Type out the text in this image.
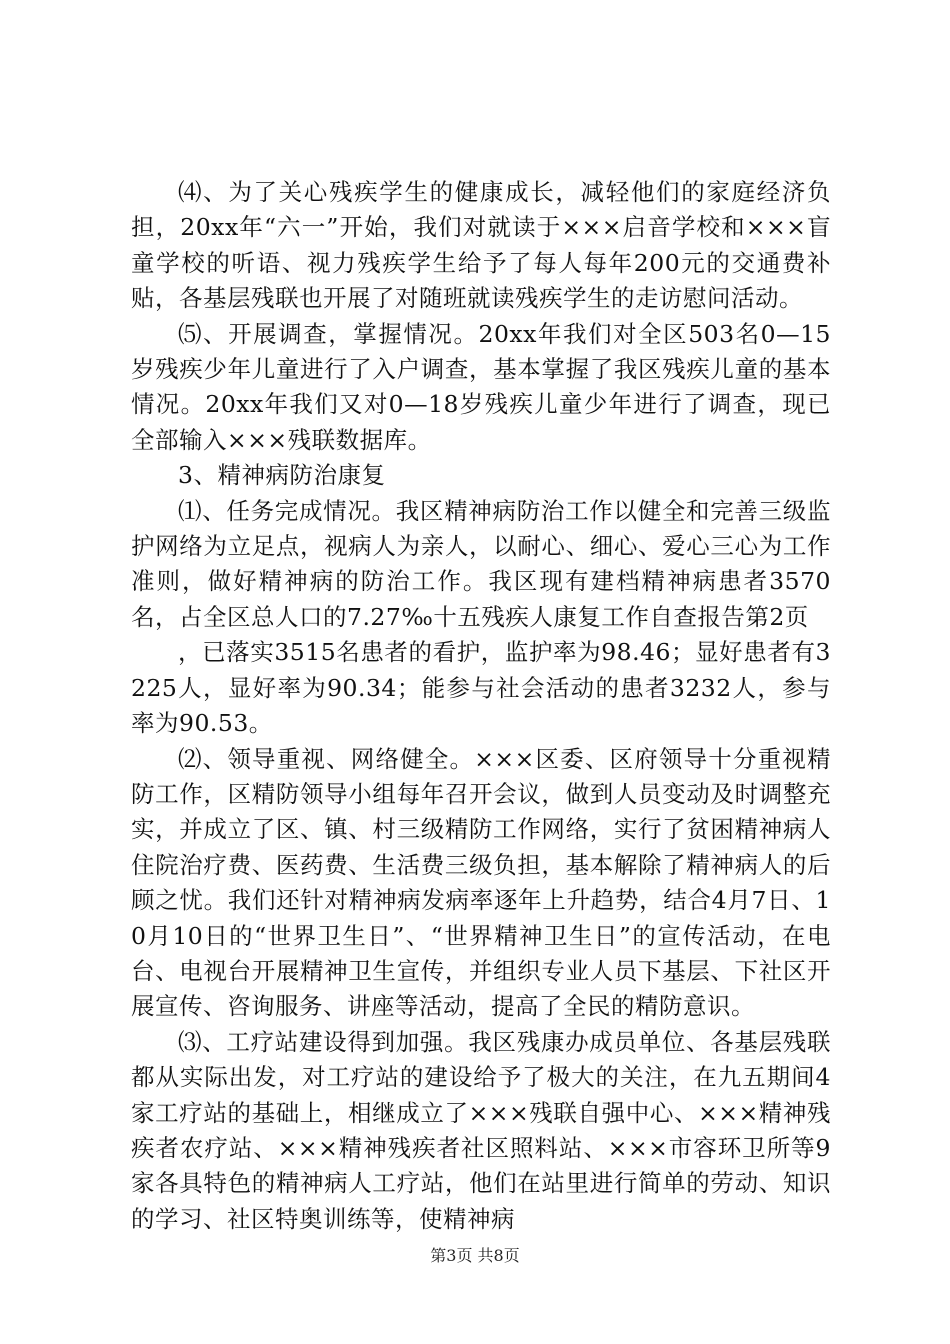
⑷、为了关心残疾学生的健康成长，减轻他们的家庭经济负担，20xx年“六一”开始，我们对就读于×××启音学校和×××盲童学校的听语、视力残疾学生给予了每人每年200元的交通费补贴，各基层残联也开展了对随班就读残疾学生的走访慰问活动。

⑸、开展调查，掌握情况。20xx年我们对全区503名0—15岁残疾少年儿童进行了入户调查，基本掌握了我区残疾儿童的基本情况。20xx年我们又对0—18岁残疾儿童少年进行了调查，现已全部输入×××残联数据库。

3、精神病防治康复

⑴、任务完成情况。我区精神病防治工作以健全和完善三级监护网络为立足点，视病人为亲人，以耐心、细心、爱心三心为工作准则，做好精神病的防治工作。我区现有建档精神病患者3570名，占全区总人口的7.27‰十五残疾人康复工作自查报告第2页

，已落实3515名患者的看护，监护率为98.46；显好患者有3225人，显好率为90.34；能参与社会活动的患者3232人，参与率为90.53。

⑵、领导重视、网络健全。×××区委、区府领导十分重视精防工作，区精防领导小组每年召开会议，做到人员变动及时调整充实，并成立了区、镇、村三级精防工作网络，实行了贫困精神病人住院治疗费、医药费、生活费三级负担，基本解除了精神病人的后顾之忧。我们还针对精神病发病率逐年上升趋势，结合4月7日、10月10日的“世界卫生日”、“世界精神卫生日”的宣传活动，在电台、电视台开展精神卫生宣传，并组织专业人员下基层、下社区开展宣传、咨询服务、讲座等活动，提高了全民的精防意识。

⑶、工疗站建设得到加强。我区残康办成员单位、各基层残联都从实际出发，对工疗站的建设给予了极大的关注，在九五期间4家工疗站的基础上，相继成立了×××残联自强中心、×××精神残疾者农疗站、×××精神残疾者社区照料站、×××市容环卫所等9家各具特色的精神病人工疗站，他们在站里进行简单的劳动、知识的学习、社区特奥训练等，使精神病

第3页 共8页
